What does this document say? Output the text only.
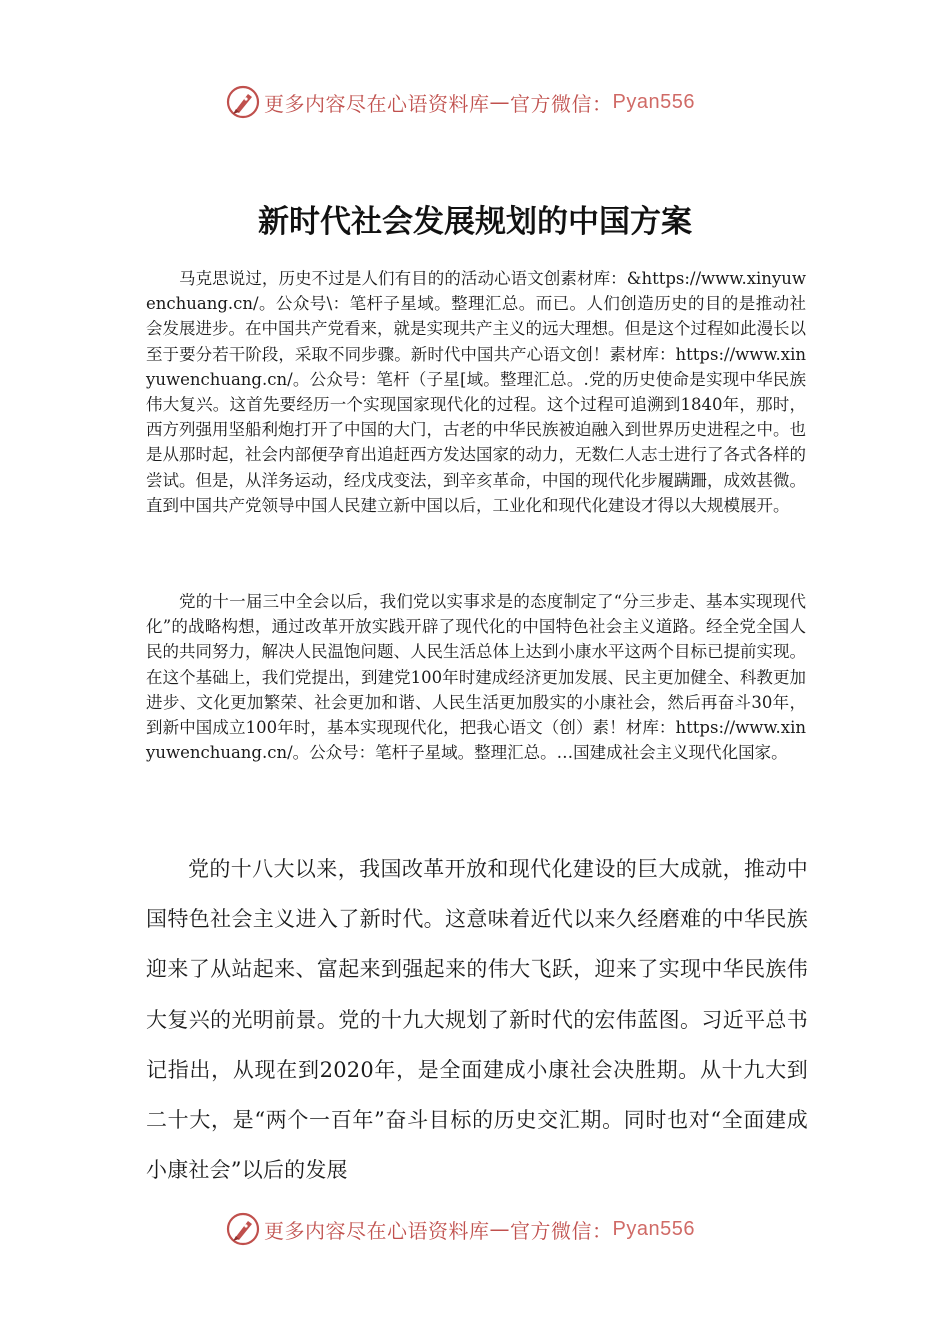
更多内容尽在心语资料库 — 官方微信： Pyan556
新时代社会发展规划的中国方案

马克思说过，历史不过是人们有目的的活动心语文创素材库：&https://www.xinyuwenchuang.cn/。公众号\：笔杆子星域。整理汇总。而已。人们创造历史的目的是推动社会发展进步。在中国共产党看来，就是实现共产主义的远大理想。但是这个过程如此漫长以至于要分若干阶段，采取不同步骤。新时代中国共产心语文创！素材库：https://www.xinyuwenchuang.cn/。公众号：笔杆（子星[域。整理汇总。.党的历史使命是实现中华民族伟大复兴。这首先要经历一个实现国家现代化的过程。这个过程可追溯到1840年，那时，西方列强用坚船利炮打开了中国的大门，古老的中华民族被迫融入到世界历史进程之中。也是从那时起，社会内部便孕育出追赶西方发达国家的动力，无数仁人志士进行了各式各样的尝试。但是，从洋务运动，经戊戌变法，到辛亥革命，中国的现代化步履蹒跚，成效甚微。直到中国共产党领导中国人民建立新中国以后，工业化和现代化建设才得以大规模展开。

党的十一届三中全会以后，我们党以实事求是的态度制定了“分三步走、基本实现现代化”的战略构想，通过改革开放实践开辟了现代化的中国特色社会主义道路。经全党全国人民的共同努力，解决人民温饱问题、人民生活总体上达到小康水平这两个目标已提前实现。在这个基础上，我们党提出，到建党100年时建成经济更加发展、民主更加健全、科教更加进步、文化更加繁荣、社会更加和谐、人民生活更加殷实的小康社会，然后再奋斗30年，到新中国成立100年时，基本实现现代化，把我心语文（创）素！材库：https://www.xinyuwenchuang.cn/。公众号：笔杆子星域。整理汇总。…国建成社会主义现代化国家。

党的十八大以来，我国改革开放和现代化建设的巨大成就，推动中国特色社会主义进入了新时代。这意味着近代以来久经磨难的中华民族迎来了从站起来、富起来到强起来的伟大飞跃，迎来了实现中华民族伟大复兴的光明前景。党的十九大规划了新时代的宏伟蓝图。习近平总书记指出，从现在到2020年，是全面建成小康社会决胜期。从十九大到二十大，是“两个一百年”奋斗目标的历史交汇期。同时也对“全面建成小康社会”以后的发展

更多内容尽在心语资料库 — 官方微信： Pyan556
